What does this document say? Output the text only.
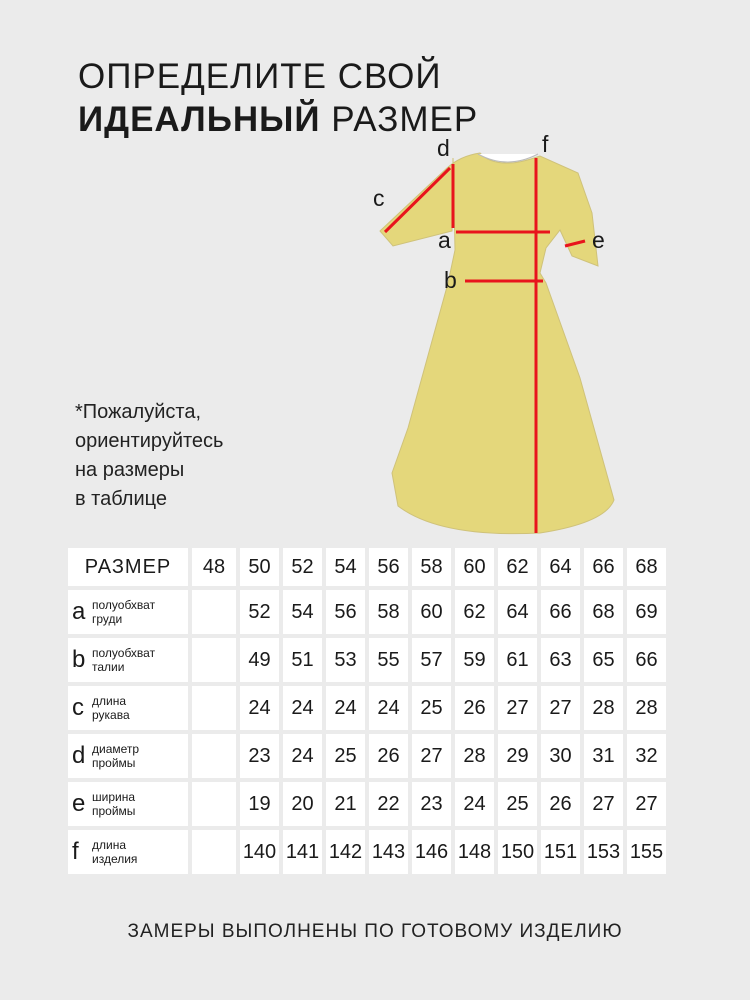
ОПРЕДЕЛИТЕ СВОЙ
ИДЕАЛЬНЫЙ РАЗМЕР
d	f
c
a	e
b
*Пожалуйста,
ориентируйтесь
на размеры
в таблице
РАЗМЕР	48	50	52	54	56	58	60	62	64	66	68
a полуобхват
груди		52	54	56	58	60	62	64	66	68	69
b полуобхват
талии		49	51	53	55	57	59	61	63	65	66
c длина
рукава		24	24	24	24	25	26	27	27	28	28
d диаметр
проймы		23	24	25	26	27	28	29	30	31	32
e ширина
проймы		19	20	21	22	23	24	25	26	27	27
f длина
изделия		140	141	142	143	146	148	150	151	153	155
ЗАМЕРЫ ВЫПОЛНЕНЫ ПО ГОТОВОМУ ИЗДЕЛИЮ
